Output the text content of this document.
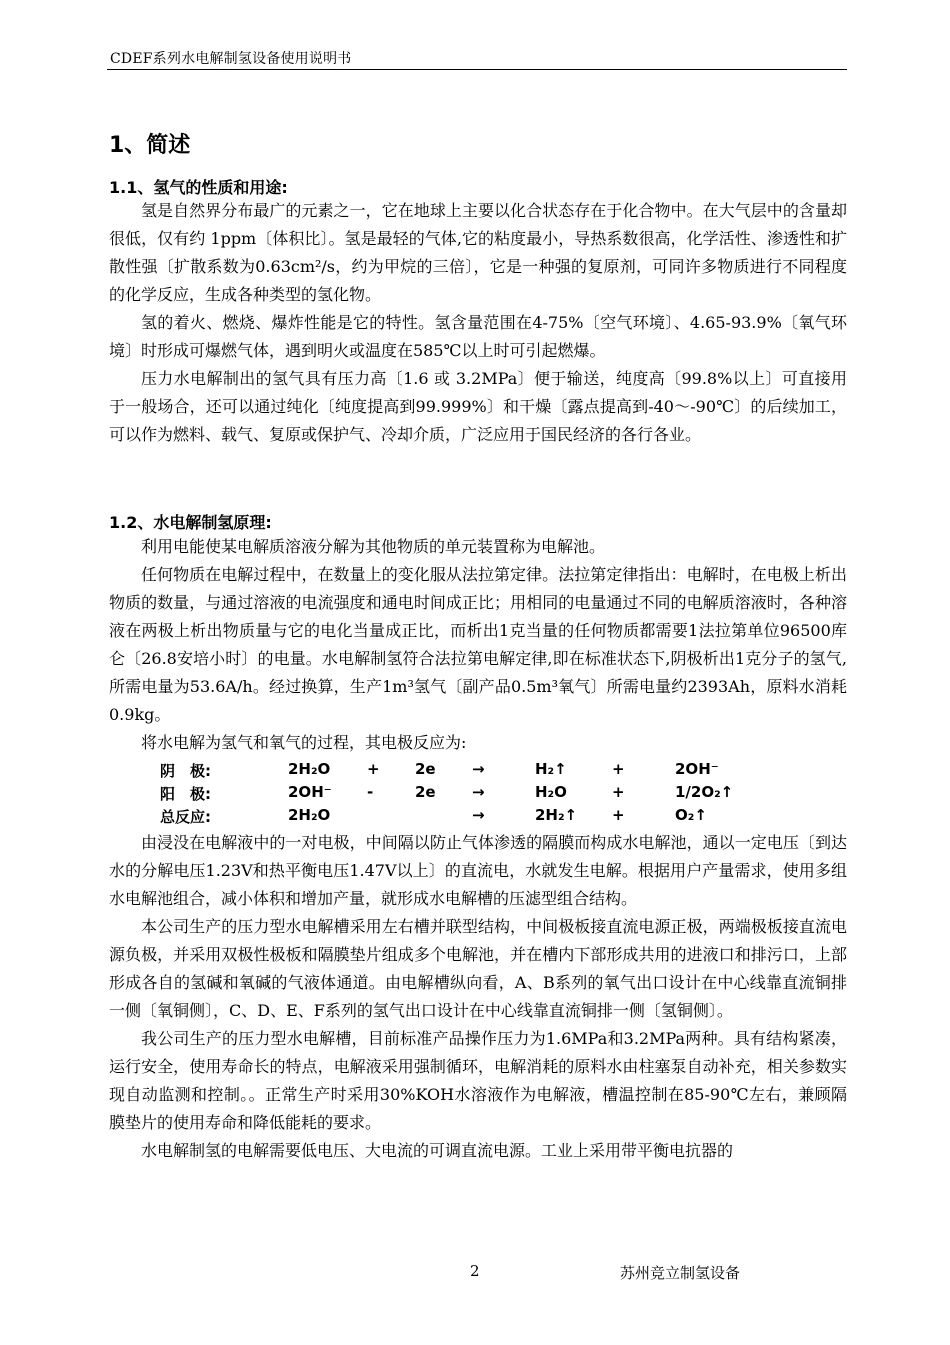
CDEF系列水电解制氢设备使用说明书
1、简述
1.1、氢气的性质和用途:

氢是自然界分布最广的元素之一，它在地球上主要以化合状态存在于化合物中。在大气层中的含量却很低，仅有约 1ppm〔体积比〕。氢是最轻的气体,它的粘度最小，导热系数很高，化学活性、渗透性和扩散性强〔扩散系数为0.63cm²/s，约为甲烷的三倍〕，它是一种强的复原剂，可同许多物质进行不同程度的化学反应，生成各种类型的氢化物。

氢的着火、燃烧、爆炸性能是它的特性。氢含量范围在4-75%〔空气环境〕、4.65-93.9%〔氧气环境〕时形成可爆燃气体，遇到明火或温度在585℃以上时可引起燃爆。

压力水电解制出的氢气具有压力高〔1.6 或 3.2MPa〕便于输送，纯度高〔99.8%以上〕可直接用于一般场合，还可以通过纯化〔纯度提高到99.999%〕和干燥〔露点提高到-40～-90℃〕的后续加工，可以作为燃料、载气、复原或保护气、冷却介质，广泛应用于国民经济的各行各业。

1.2、水电解制氢原理:

利用电能使某电解质溶液分解为其他物质的单元装置称为电解池。

任何物质在电解过程中，在数量上的变化服从法拉第定律。法拉第定律指出：电解时，在电极上析出物质的数量，与通过溶液的电流强度和通电时间成正比；用相同的电量通过不同的电解质溶液时，各种溶液在两极上析出物质量与它的电化当量成正比，而析出1克当量的任何物质都需要1法拉第单位96500库仑〔26.8安培小时〕的电量。水电解制氢符合法拉第电解定律,即在标准状态下,阴极析出1克分子的氢气,所需电量为53.6A/h。经过换算，生产1m³氢气〔副产品0.5m³氧气〕所需电量约2393Ah，原料水消耗0.9kg。

将水电解为氢气和氧气的过程，其电极反应为:

阴　极:	2H₂O + 2e →	H₂↑	+	2OH⁻
阳　极:	2OH⁻ -	2e →	H₂O	+	1/2O₂↑
总反应:	2H₂O	→	2H₂↑ +	O₂↑

由浸没在电解液中的一对电极，中间隔以防止气体渗透的隔膜而构成水电解池，通以一定电压〔到达水的分解电压1.23V和热平衡电压1.47V以上〕的直流电，水就发生电解。根据用户产量需求，使用多组水电解池组合，减小体积和增加产量，就形成水电解槽的压滤型组合结构。

本公司生产的压力型水电解槽采用左右槽并联型结构，中间极板接直流电源正极，两端极板接直流电源负极，并采用双极性极板和隔膜垫片组成多个电解池，并在槽内下部形成共用的进液口和排污口，上部形成各自的氢碱和氧碱的气液体通道。由电解槽纵向看，A、B系列的氧气出口设计在中心线靠直流铜排一侧〔氧铜侧〕，C、D、E、F系列的氢气出口设计在中心线靠直流铜排一侧〔氢铜侧〕。

我公司生产的压力型水电解槽，目前标准产品操作压力为1.6MPa和3.2MPa两种。具有结构紧凑，运行安全，使用寿命长的特点，电解液采用强制循环，电解消耗的原料水由柱塞泵自动补充，相关参数实现自动监测和控制。。正常生产时采用30%KOH水溶液作为电解液，槽温控制在85-90℃左右，兼顾隔膜垫片的使用寿命和降低能耗的要求。

水电解制氢的电解需要低电压、大电流的可调直流电源。工业上采用带平衡电抗器的

2	苏州竞立制氢设备
